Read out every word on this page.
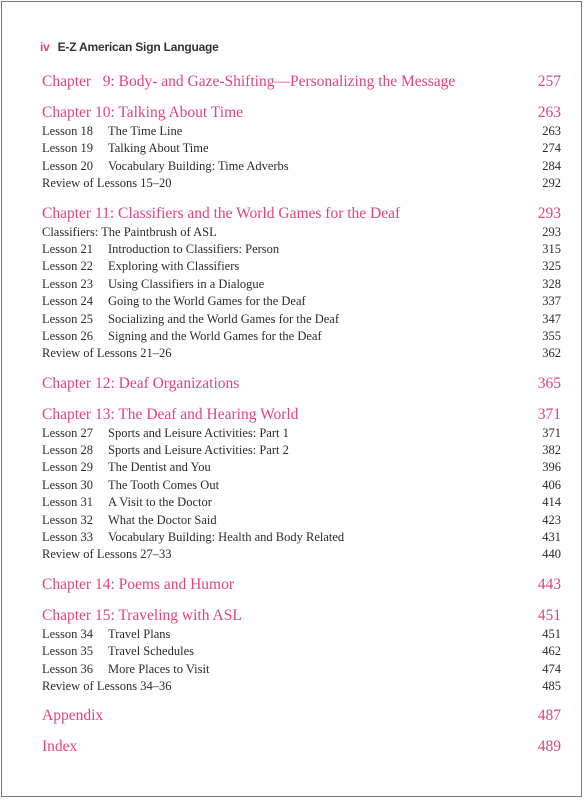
iv E-Z American Sign Language
Chapter   9: Body- and Gaze-Shifting—Personalizing the Message	257
Chapter 10: Talking About Time	263
Lesson 18 The Time Line	263
Lesson 19 Talking About Time	274
Lesson 20 Vocabulary Building: Time Adverbs	284
Review of Lessons 15–20	292
Chapter 11: Classifiers and the World Games for the Deaf	293
Classifiers: The Paintbrush of ASL	293
Lesson 21 Introduction to Classifiers: Person	315
Lesson 22 Exploring with Classifiers	325
Lesson 23 Using Classifiers in a Dialogue	328
Lesson 24 Going to the World Games for the Deaf	337
Lesson 25 Socializing and the World Games for the Deaf	347
Lesson 26 Signing and the World Games for the Deaf	355
Review of Lessons 21–26	362
Chapter 12: Deaf Organizations	365
Chapter 13: The Deaf and Hearing World	371
Lesson 27 Sports and Leisure Activities: Part 1	371
Lesson 28 Sports and Leisure Activities: Part 2	382
Lesson 29 The Dentist and You	396
Lesson 30 The Tooth Comes Out	406
Lesson 31 A Visit to the Doctor	414
Lesson 32 What the Doctor Said	423
Lesson 33 Vocabulary Building: Health and Body Related	431
Review of Lessons 27–33	440
Chapter 14: Poems and Humor	443
Chapter 15: Traveling with ASL	451
Lesson 34 Travel Plans	451
Lesson 35 Travel Schedules	462
Lesson 36 More Places to Visit	474
Review of Lessons 34–36	485
Appendix	487
Index	489
